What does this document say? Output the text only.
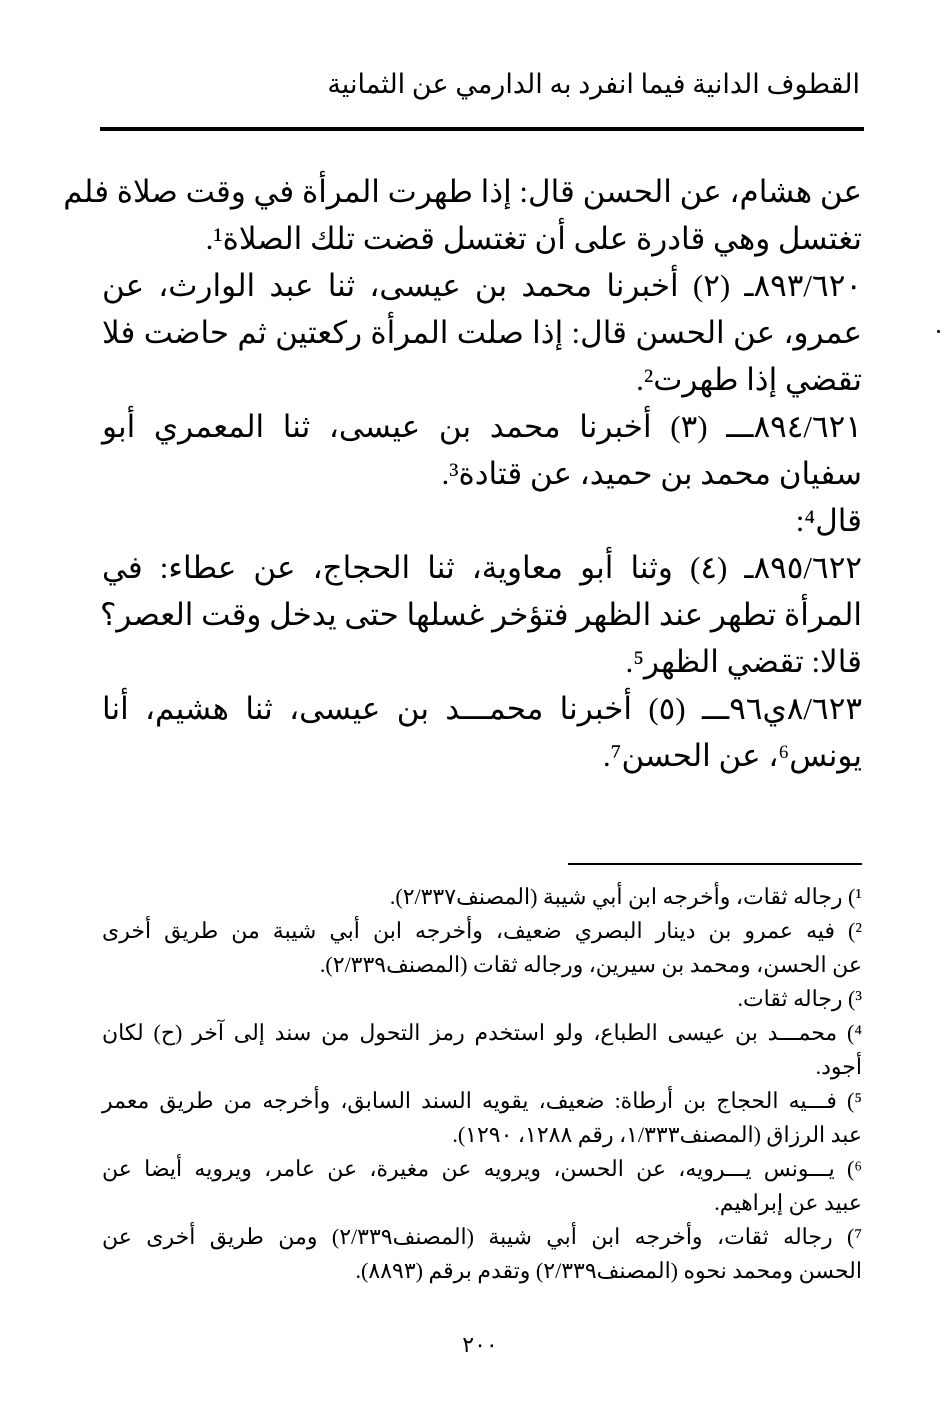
القطوف الدانية فيما انفرد به الدارمي عن الثمانية
عن هشام، عن الحسن قال: إذا طهرت المرأة في وقت صلاة فلم
تغتسل وهي قادرة على أن تغتسل قضت تلك الصلاة¹.
٨٩٣/٦٢٠ـ (٢) أخبرنا محمد بن عيسى، ثنا عبد الوارث، عن
عمرو، عن الحسن قال: إذا صلت المرأة ركعتين ثم حاضت فلا
تقضي إذا طهرت².
٨٩٤/٦٢١ـــ (٣) أخبرنا محمد بن عيسى، ثنا المعمري أبو
سفيان محمد بن حميد، عن قتادة³.
قال⁴:
٨٩٥/٦٢٢ـ (٤) وثنا أبو معاوية، ثنا الحجاج، عن عطاء: في
المرأة تطهر عند الظهر فتؤخر غسلها حتى يدخل وقت العصر؟
قالا: تقضي الظهر⁵.
٨/٦٢٣ي٩٦ـــ (٥) أخبرنا محمـــد بن عيسى، ثنا هشيم، أنا
يونس⁶، عن الحسن⁷.
¹) رجاله ثقات، وأخرجه ابن أبي شيبة (المصنف٢/٣٣٧).
²) فيه عمرو بن دينار البصري ضعيف، وأخرجه ابن أبي شيبة من طريق أخرى
عن الحسن، ومحمد بن سيرين، ورجاله ثقات (المصنف٢/٣٣٩).
³) رجاله ثقات.
⁴) محمـــد بن عيسى الطباع، ولو استخدم رمز التحول من سند إلى آخر (ح) لكان
أجود.
⁵) فـــيه الحجاج بن أرطاة: ضعيف، يقويه السند السابق، وأخرجه من طريق معمر
عبد الرزاق (المصنف١/٣٣٣، رقم ١٢٨٨، ١٢٩٠).
⁶) يـــونس يـــرويه، عن الحسن، ويرويه عن مغيرة، عن عامر، ويرويه أيضا عن
عبيد عن إبراهيم.
⁷) رجاله ثقات، وأخرجه ابن أبي شيبة (المصنف٢/٣٣٩) ومن طريق أخرى عن
الحسن ومحمد نحوه (المصنف٢/٣٣٩) وتقدم برقم (٨٨٩٣).
٢٠٠
